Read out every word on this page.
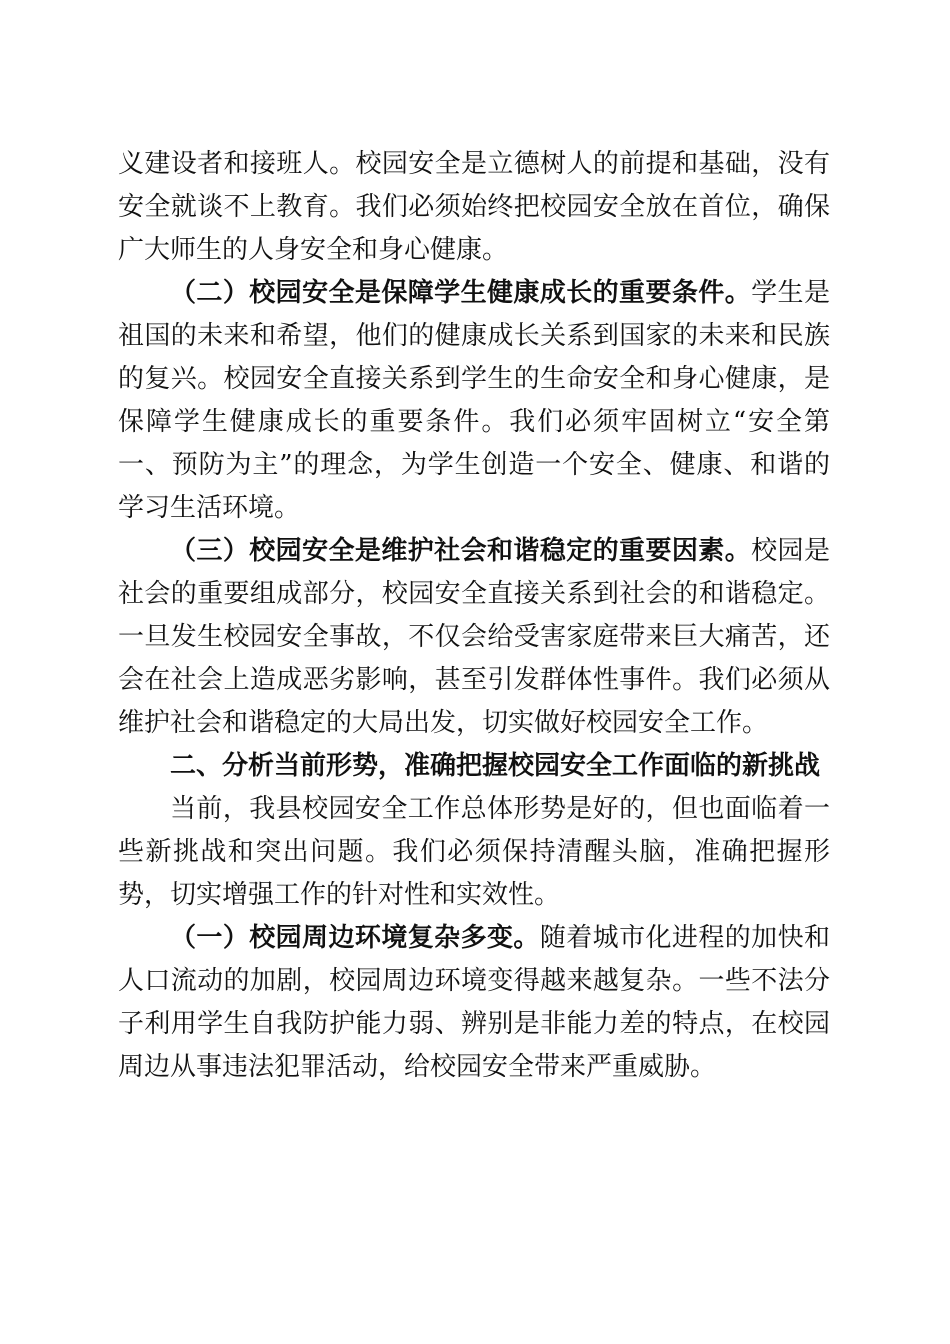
义建设者和接班人。校园安全是立德树人的前提和基础，没有安全就谈不上教育。我们必须始终把校园安全放在首位，确保广大师生的人身安全和身心健康。

（二）校园安全是保障学生健康成长的重要条件。学生是祖国的未来和希望，他们的健康成长关系到国家的未来和民族的复兴。校园安全直接关系到学生的生命安全和身心健康，是保障学生健康成长的重要条件。我们必须牢固树立“安全第一、预防为主”的理念，为学生创造一个安全、健康、和谐的学习生活环境。

（三）校园安全是维护社会和谐稳定的重要因素。校园是社会的重要组成部分，校园安全直接关系到社会的和谐稳定。一旦发生校园安全事故，不仅会给受害家庭带来巨大痛苦，还会在社会上造成恶劣影响，甚至引发群体性事件。我们必须从维护社会和谐稳定的大局出发，切实做好校园安全工作。

二、分析当前形势，准确把握校园安全工作面临的新挑战

当前，我县校园安全工作总体形势是好的，但也面临着一些新挑战和突出问题。我们必须保持清醒头脑，准确把握形势，切实增强工作的针对性和实效性。

（一）校园周边环境复杂多变。随着城市化进程的加快和人口流动的加剧，校园周边环境变得越来越复杂。一些不法分子利用学生自我防护能力弱、辨别是非能力差的特点，在校园周边从事违法犯罪活动，给校园安全带来严重威胁。
